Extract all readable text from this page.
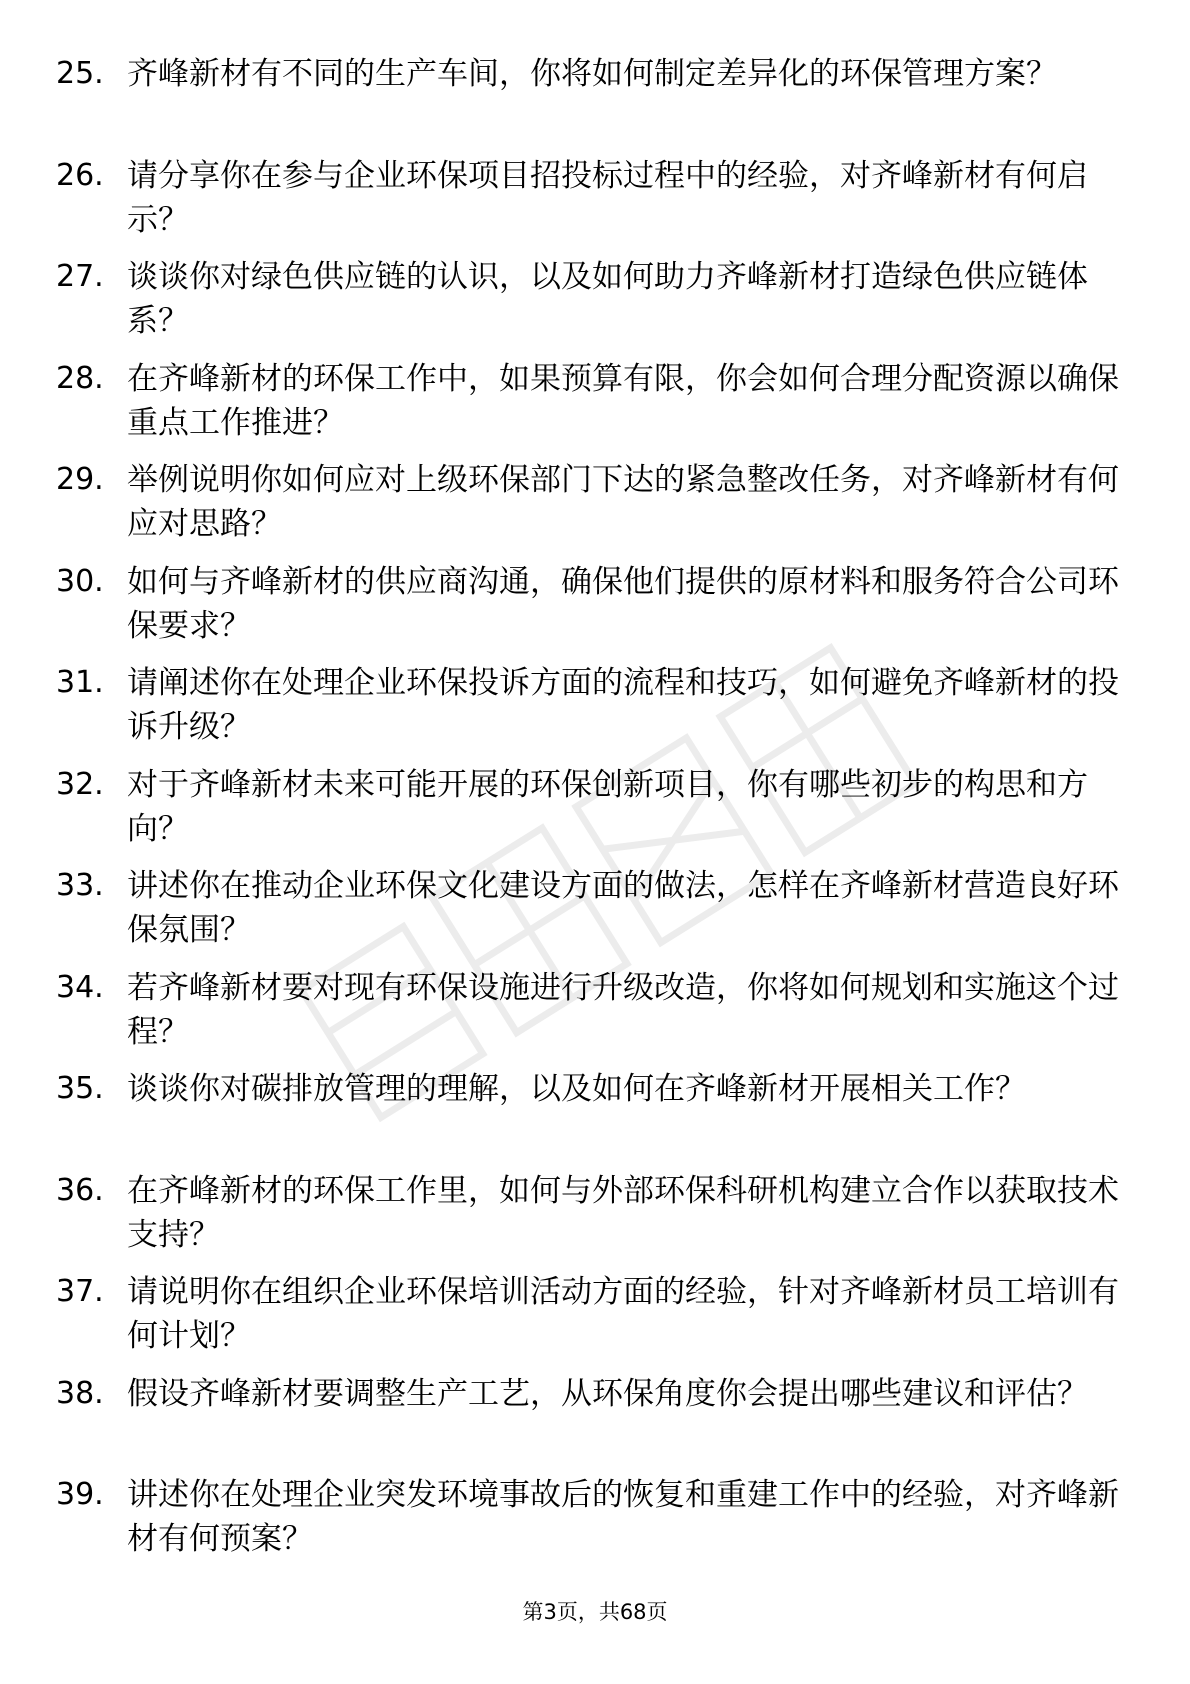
25. 齐峰新材有不同的生产车间，你将如何制定差异化的环保管理方案？
26. 请分享你在参与企业环保项目招投标过程中的经验，对齐峰新材有何启示？
27. 谈谈你对绿色供应链的认识，以及如何助力齐峰新材打造绿色供应链体系？
28. 在齐峰新材的环保工作中，如果预算有限，你会如何合理分配资源以确保重点工作推进？
29. 举例说明你如何应对上级环保部门下达的紧急整改任务，对齐峰新材有何应对思路？
30. 如何与齐峰新材的供应商沟通，确保他们提供的原材料和服务符合公司环保要求？
31. 请阐述你在处理企业环保投诉方面的流程和技巧，如何避免齐峰新材的投诉升级？
32. 对于齐峰新材未来可能开展的环保创新项目，你有哪些初步的构思和方向？
33. 讲述你在推动企业环保文化建设方面的做法，怎样在齐峰新材营造良好环保氛围？
34. 若齐峰新材要对现有环保设施进行升级改造，你将如何规划和实施这个过程？
35. 谈谈你对碳排放管理的理解，以及如何在齐峰新材开展相关工作？
36. 在齐峰新材的环保工作里，如何与外部环保科研机构建立合作以获取技术支持？
37. 请说明你在组织企业环保培训活动方面的经验，针对齐峰新材员工培训有何计划？
38. 假设齐峰新材要调整生产工艺，从环保角度你会提出哪些建议和评估？
39. 讲述你在处理企业突发环境事故后的恢复和重建工作中的经验，对齐峰新材有何预案？
第3页，共68页
